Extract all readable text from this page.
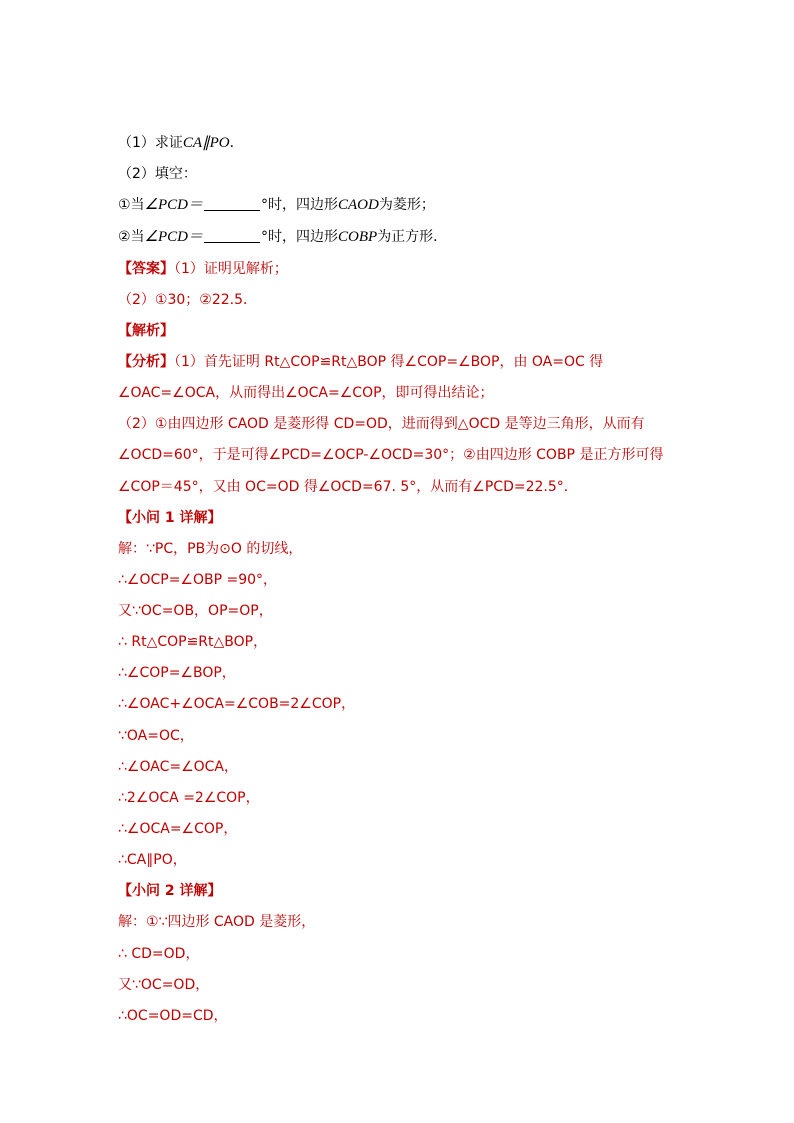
（1）求证CA∥PO．
（2）填空：
①当∠PCD＝	°时，四边形CAOD为菱形；
②当∠PCD＝	°时，四边形COBP为正方形．
【答案】（1）证明见解析；
（2）①30；②22.5．
【解析】
【分析】（1）首先证明 Rt△COP≌Rt△BOP 得∠COP=∠BOP，由 OA=OC 得
∠OAC=∠OCA，从而得出∠OCA=∠COP，即可得出结论；
（2）①由四边形 CAOD 是菱形得 CD=OD，进而得到△OCD 是等边三角形，从而有
∠OCD=60°，于是可得∠PCD=∠OCP-∠OCD=30°；②由四边形 COBP 是正方形可得
∠COP＝45°，又由 OC=OD 得∠OCD=67. 5°，从而有∠PCD=22.5°．
【小问 1 详解】
解：∵PC，PB为⊙O 的切线，
∴∠OCP=∠OBP =90°，
又∵OC=OB，OP=OP，
∴ Rt△COP≌Rt△BOP，
∴∠COP=∠BOP，
∴∠OAC+∠OCA=∠COB=2∠COP，
∵OA=OC，
∴∠OAC=∠OCA，
∴2∠OCA =2∠COP，
∴∠OCA=∠COP，
∴CA∥PO，
【小问 2 详解】
解：①∵四边形 CAOD 是菱形，
∴ CD=OD，
又∵OC=OD，
∴OC=OD=CD，
